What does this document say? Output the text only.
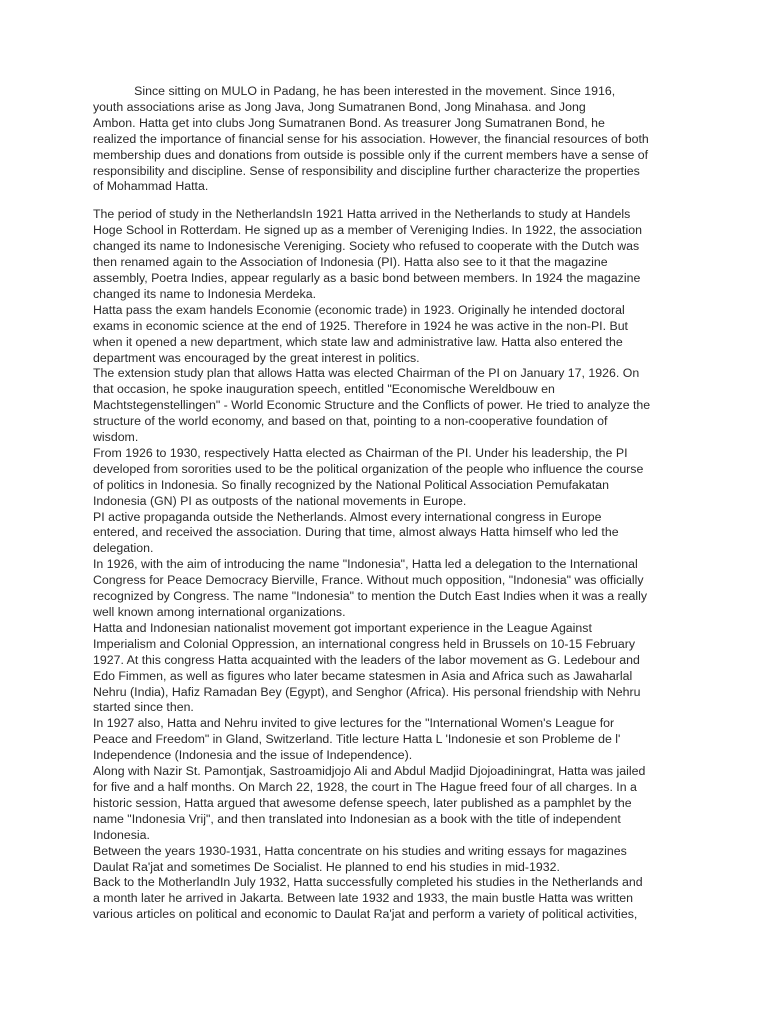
Since sitting on MULO in Padang, he has been interested in the movement. Since 1916,
youth associations arise as Jong Java, Jong Sumatranen Bond, Jong Minahasa. and Jong
Ambon. Hatta get into clubs Jong Sumatranen Bond. As treasurer Jong Sumatranen Bond, he
realized the importance of financial sense for his association. However, the financial resources of both
membership dues and donations from outside is possible only if the current members have a sense of
responsibility and discipline. Sense of responsibility and discipline further characterize the properties
of Mohammad Hatta.

The period of study in the NetherlandsIn 1921 Hatta arrived in the Netherlands to study at Handels
Hoge School in Rotterdam. He signed up as a member of Vereniging Indies. In 1922, the association
changed its name to Indonesische Vereniging. Society who refused to cooperate with the Dutch was
then renamed again to the Association of Indonesia (PI). Hatta also see to it that the magazine
assembly, Poetra Indies, appear regularly as a basic bond between members. In 1924 the magazine
changed its name to Indonesia Merdeka.

Hatta pass the exam handels Economie (economic trade) in 1923. Originally he intended doctoral
exams in economic science at the end of 1925. Therefore in 1924 he was active in the non-PI. But
when it opened a new department, which state law and administrative law. Hatta also entered the
department was encouraged by the great interest in politics.

The extension study plan that allows Hatta was elected Chairman of the PI on January 17, 1926. On
that occasion, he spoke inauguration speech, entitled "Economische Wereldbouw en
Machtstegenstellingen" - World Economic Structure and the Conflicts of power. He tried to analyze the
structure of the world economy, and based on that, pointing to a non-cooperative foundation of
wisdom.

From 1926 to 1930, respectively Hatta elected as Chairman of the PI. Under his leadership, the PI
developed from sororities used to be the political organization of the people who influence the course
of politics in Indonesia. So finally recognized by the National Political Association Pemufakatan
Indonesia (GN) PI as outposts of the national movements in Europe.

PI active propaganda outside the Netherlands. Almost every international congress in Europe
entered, and received the association. During that time, almost always Hatta himself who led the
delegation.

In 1926, with the aim of introducing the name "Indonesia", Hatta led a delegation to the International
Congress for Peace Democracy Bierville, France. Without much opposition, "Indonesia" was officially
recognized by Congress. The name "Indonesia" to mention the Dutch East Indies when it was a really
well known among international organizations.

Hatta and Indonesian nationalist movement got important experience in the League Against
Imperialism and Colonial Oppression, an international congress held in Brussels on 10-15 February
1927. At this congress Hatta acquainted with the leaders of the labor movement as G. Ledebour and
Edo Fimmen, as well as figures who later became statesmen in Asia and Africa such as Jawaharlal
Nehru (India), Hafiz Ramadan Bey (Egypt), and Senghor (Africa). His personal friendship with Nehru
started since then.

In 1927 also, Hatta and Nehru invited to give lectures for the "International Women's League for
Peace and Freedom" in Gland, Switzerland. Title lecture Hatta L 'Indonesie et son Probleme de l'
Independence (Indonesia and the issue of Independence).

Along with Nazir St. Pamontjak, Sastroamidjojo Ali and Abdul Madjid Djojoadiningrat, Hatta was jailed
for five and a half months. On March 22, 1928, the court in The Hague freed four of all charges. In a
historic session, Hatta argued that awesome defense speech, later published as a pamphlet by the
name "Indonesia Vrij", and then translated into Indonesian as a book with the title of independent
Indonesia.

Between the years 1930-1931, Hatta concentrate on his studies and writing essays for magazines
Daulat Ra'jat and sometimes De Socialist. He planned to end his studies in mid-1932.

Back to the MotherlandIn July 1932, Hatta successfully completed his studies in the Netherlands and
a month later he arrived in Jakarta. Between late 1932 and 1933, the main bustle Hatta was written
various articles on political and economic to Daulat Ra'jat and perform a variety of political activities,
